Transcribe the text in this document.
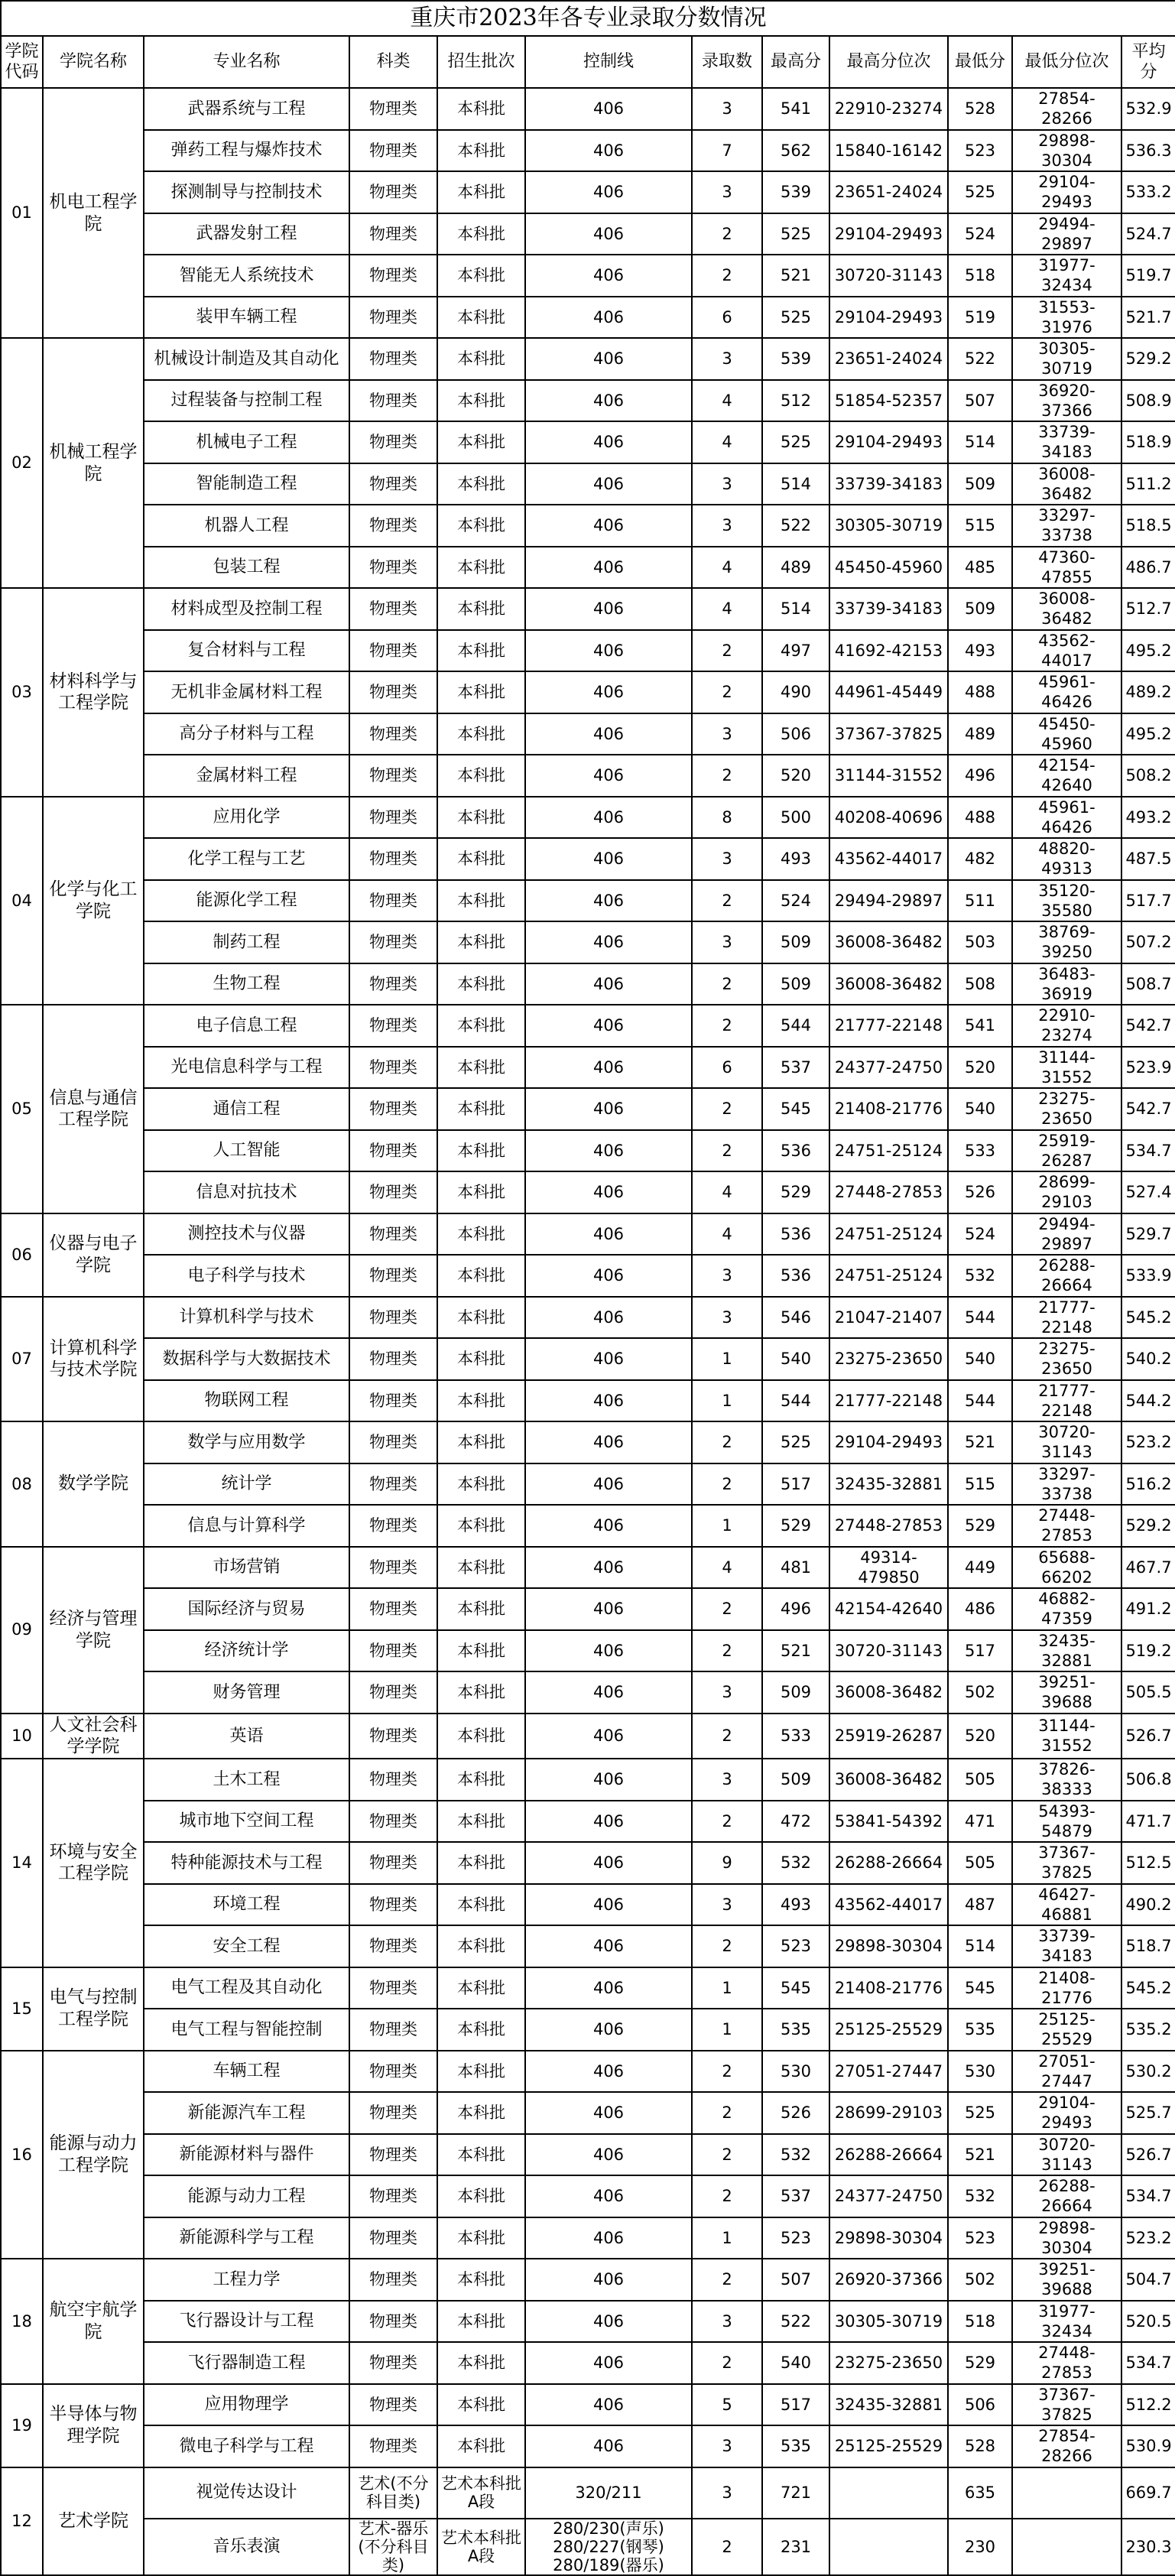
重庆市2023年各专业录取分数情况
学院代码	学院名称	专业名称	科类	招生批次	控制线	录取数	最高分	最高分位次	最低分	最低分位次	平均分
01	机电工程学院	武器系统与工程	物理类	本科批	406	3	541	22910-23274	528	27854-28266	532.9
		弹药工程与爆炸技术	物理类	本科批	406	7	562	15840-16142	523	29898-30304	536.3
		探测制导与控制技术	物理类	本科批	406	3	539	23651-24024	525	29104-29493	533.2
		武器发射工程	物理类	本科批	406	2	525	29104-29493	524	29494-29897	524.7
		智能无人系统技术	物理类	本科批	406	2	521	30720-31143	518	31977-32434	519.7
		装甲车辆工程	物理类	本科批	406	6	525	29104-29493	519	31553-31976	521.7
02	机械工程学院	机械设计制造及其自动化	物理类	本科批	406	3	539	23651-24024	522	30305-30719	529.2
		过程装备与控制工程	物理类	本科批	406	4	512	51854-52357	507	36920-37366	508.9
		机械电子工程	物理类	本科批	406	4	525	29104-29493	514	33739-34183	518.9
		智能制造工程	物理类	本科批	406	3	514	33739-34183	509	36008-36482	511.2
		机器人工程	物理类	本科批	406	3	522	30305-30719	515	33297-33738	518.5
		包装工程	物理类	本科批	406	4	489	45450-45960	485	47360-47855	486.7
03	材料科学与工程学院	材料成型及控制工程	物理类	本科批	406	4	514	33739-34183	509	36008-36482	512.7
		复合材料与工程	物理类	本科批	406	2	497	41692-42153	493	43562-44017	495.2
		无机非金属材料工程	物理类	本科批	406	2	490	44961-45449	488	45961-46426	489.2
		高分子材料与工程	物理类	本科批	406	3	506	37367-37825	489	45450-45960	495.2
		金属材料工程	物理类	本科批	406	2	520	31144-31552	496	42154-42640	508.2
04	化学与化工学院	应用化学	物理类	本科批	406	8	500	40208-40696	488	45961-46426	493.2
		化学工程与工艺	物理类	本科批	406	3	493	43562-44017	482	48820-49313	487.5
		能源化学工程	物理类	本科批	406	2	524	29494-29897	511	35120-35580	517.7
		制药工程	物理类	本科批	406	3	509	36008-36482	503	38769-39250	507.2
		生物工程	物理类	本科批	406	2	509	36008-36482	508	36483-36919	508.7
05	信息与通信工程学院	电子信息工程	物理类	本科批	406	2	544	21777-22148	541	22910-23274	542.7
		光电信息科学与工程	物理类	本科批	406	6	537	24377-24750	520	31144-31552	523.9
		通信工程	物理类	本科批	406	2	545	21408-21776	540	23275-23650	542.7
		人工智能	物理类	本科批	406	2	536	24751-25124	533	25919-26287	534.7
		信息对抗技术	物理类	本科批	406	4	529	27448-27853	526	28699-29103	527.4
06	仪器与电子学院	测控技术与仪器	物理类	本科批	406	4	536	24751-25124	524	29494-29897	529.7
		电子科学与技术	物理类	本科批	406	3	536	24751-25124	532	26288-26664	533.9
07	计算机科学与技术学院	计算机科学与技术	物理类	本科批	406	3	546	21047-21407	544	21777-22148	545.2
		数据科学与大数据技术	物理类	本科批	406	1	540	23275-23650	540	23275-23650	540.2
		物联网工程	物理类	本科批	406	1	544	21777-22148	544	21777-22148	544.2
08	数学学院	数学与应用数学	物理类	本科批	406	2	525	29104-29493	521	30720-31143	523.2
		统计学	物理类	本科批	406	2	517	32435-32881	515	33297-33738	516.2
		信息与计算科学	物理类	本科批	406	1	529	27448-27853	529	27448-27853	529.2
09	经济与管理学院	市场营销	物理类	本科批	406	4	481	49314-479850	449	65688-66202	467.7
		国际经济与贸易	物理类	本科批	406	2	496	42154-42640	486	46882-47359	491.2
		经济统计学	物理类	本科批	406	2	521	30720-31143	517	32435-32881	519.2
		财务管理	物理类	本科批	406	3	509	36008-36482	502	39251-39688	505.5
10	人文社会科学学院	英语	物理类	本科批	406	2	533	25919-26287	520	31144-31552	526.7
14	环境与安全工程学院	土木工程	物理类	本科批	406	3	509	36008-36482	505	37826-38333	506.8
		城市地下空间工程	物理类	本科批	406	2	472	53841-54392	471	54393-54879	471.7
		特种能源技术与工程	物理类	本科批	406	9	532	26288-26664	505	37367-37825	512.5
		环境工程	物理类	本科批	406	3	493	43562-44017	487	46427-46881	490.2
		安全工程	物理类	本科批	406	2	523	29898-30304	514	33739-34183	518.7
15	电气与控制工程学院	电气工程及其自动化	物理类	本科批	406	1	545	21408-21776	545	21408-21776	545.2
		电气工程与智能控制	物理类	本科批	406	1	535	25125-25529	535	25125-25529	535.2
16	能源与动力工程学院	车辆工程	物理类	本科批	406	2	530	27051-27447	530	27051-27447	530.2
		新能源汽车工程	物理类	本科批	406	2	526	28699-29103	525	29104-29493	525.7
		新能源材料与器件	物理类	本科批	406	2	532	26288-26664	521	30720-31143	526.7
		能源与动力工程	物理类	本科批	406	2	537	24377-24750	532	26288-26664	534.7
		新能源科学与工程	物理类	本科批	406	1	523	29898-30304	523	29898-30304	523.2
18	航空宇航学院	工程力学	物理类	本科批	406	2	507	26920-37366	502	39251-39688	504.7
		飞行器设计与工程	物理类	本科批	406	3	522	30305-30719	518	31977-32434	520.5
		飞行器制造工程	物理类	本科批	406	2	540	23275-23650	529	27448-27853	534.7
19	半导体与物理学院	应用物理学	物理类	本科批	406	5	517	32435-32881	506	37367-37825	512.2
		微电子科学与工程	物理类	本科批	406	3	535	25125-25529	528	27854-28266	530.9
12	艺术学院	视觉传达设计	艺术(不分科目类)	艺术本科批A段	320/211	3	721		635		669.7
		音乐表演	艺术-器乐(不分科目类)	艺术本科批A段	280/230(声乐)
280/227(钢琴)
280/189(器乐)	2	231		230		230.3
